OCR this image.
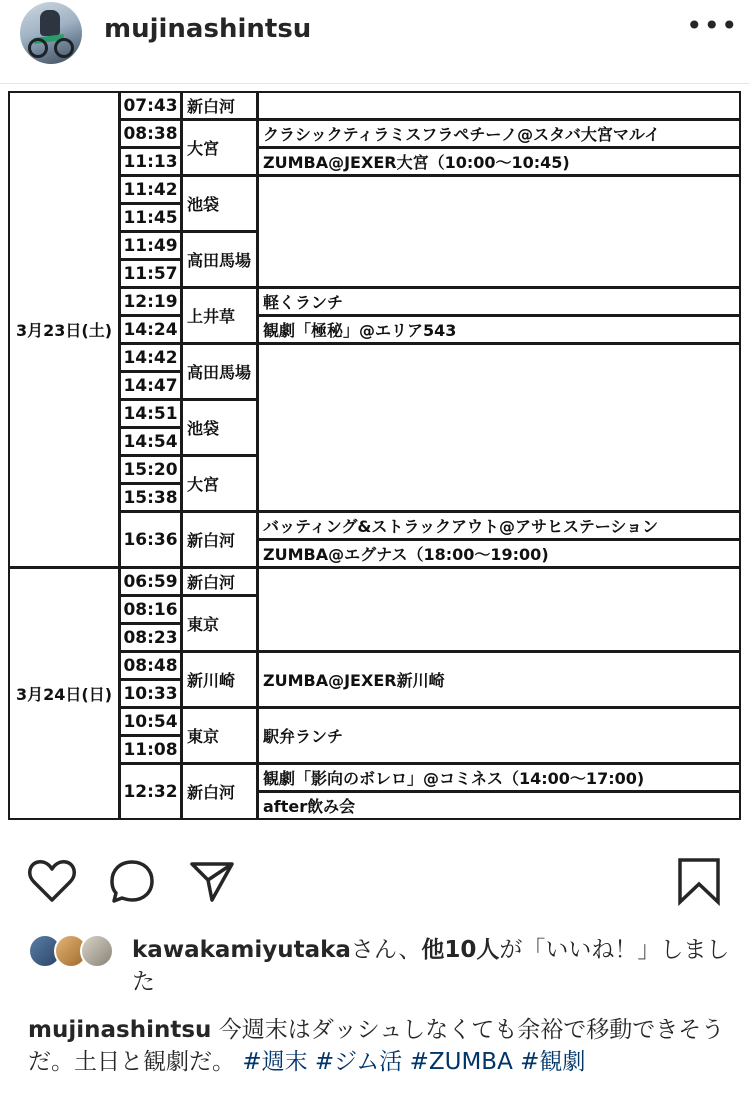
mujinashintsu	•••
3月23日(土)
3月24日(日)
07:43
08:38
11:13
11:42
11:45
11:49
11:57
12:19
14:24
14:42
14:47
14:51
14:54
15:20
15:38
16:36
06:59
08:16
08:23
08:48
10:33
10:54
11:08
12:32
新白河
大宮
池袋
高田馬場
上井草
高田馬場
池袋
大宮
新白河
新白河
東京
新川崎
東京
新白河
クラシックティラミスフラペチーノ@スタバ大宮マルイ
ZUMBA@JEXER大宮（10:00〜10:45)
軽くランチ
観劇「極秘」@エリア543
バッティング&ストラックアウト@アサヒステーション
ZUMBA@エグナス（18:00〜19:00)
ZUMBA@JEXER新川崎
駅弁ランチ
観劇「影向のボレロ」@コミネス（14:00〜17:00)
after飲み会
kawakamiyutakaさん、他10人が「いいね！」しました
mujinashintsu 今週末はダッシュしなくても余裕で移動できそうだ。土日と観劇だ。 #週末 #ジム活 #ZUMBA #観劇
